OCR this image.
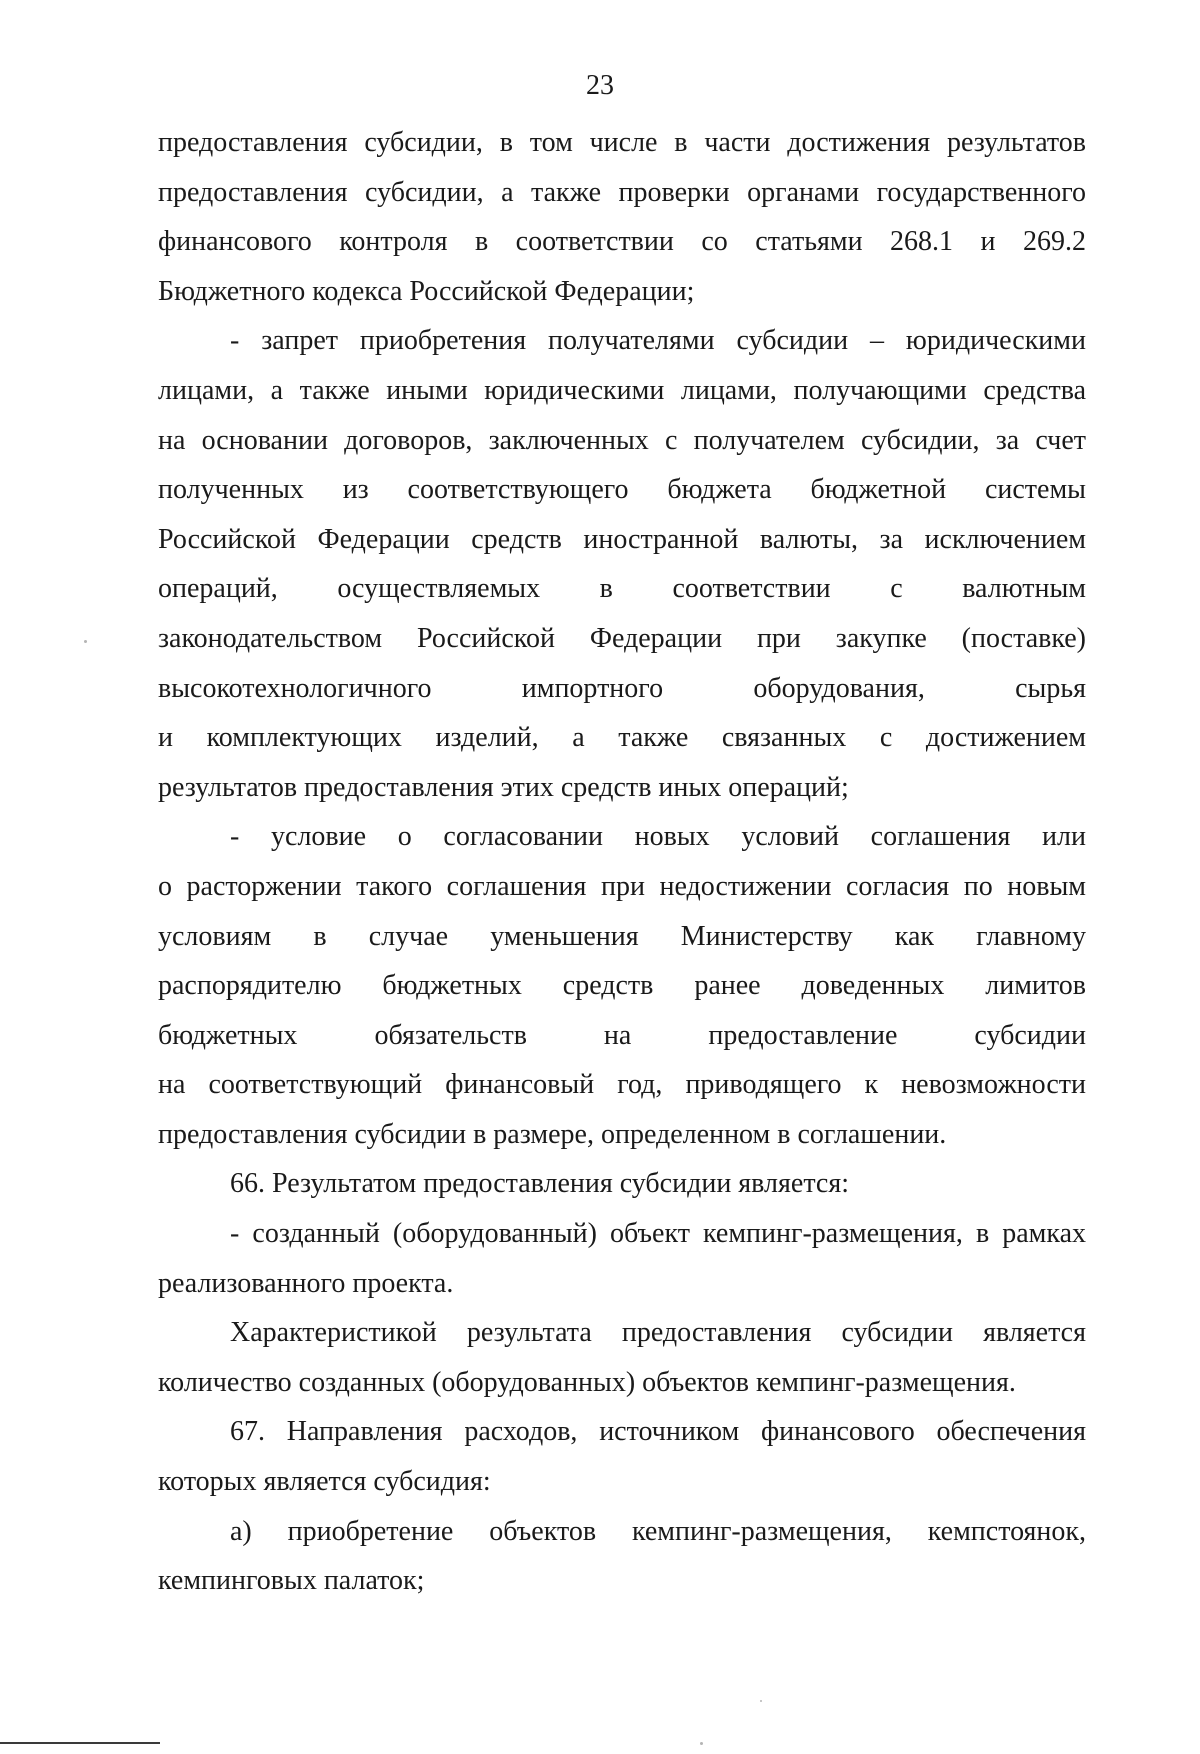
23
предоставления субсидии, в том числе в части достижения результатов
предоставления субсидии, а также проверки органами государственного
финансового контроля в соответствии со статьями 268.1 и 269.2
Бюджетного кодекса Российской Федерации;
- запрет приобретения получателями субсидии – юридическими
лицами, а также иными юридическими лицами, получающими средства
на основании договоров, заключенных с получателем субсидии, за счет
полученных из соответствующего бюджета бюджетной системы
Российской Федерации средств иностранной валюты, за исключением
операций, осуществляемых в соответствии с валютным
законодательством Российской Федерации при закупке (поставке)
высокотехнологичного импортного оборудования, сырья
и комплектующих изделий, а также связанных с достижением
результатов предоставления этих средств иных операций;
- условие о согласовании новых условий соглашения или
о расторжении такого соглашения при недостижении согласия по новым
условиям в случае уменьшения Министерству как главному
распорядителю бюджетных средств ранее доведенных лимитов
бюджетных обязательств на предоставление субсидии
на соответствующий финансовый год, приводящего к невозможности
предоставления субсидии в размере, определенном в соглашении.
66. Результатом предоставления субсидии является:
- созданный (оборудованный) объект кемпинг-размещения, в рамках
реализованного проекта.
Характеристикой результата предоставления субсидии является
количество созданных (оборудованных) объектов кемпинг-размещения.
67. Направления расходов, источником финансового обеспечения
которых является субсидия:
а) приобретение объектов кемпинг-размещения, кемпстоянок,
кемпинговых палаток;
